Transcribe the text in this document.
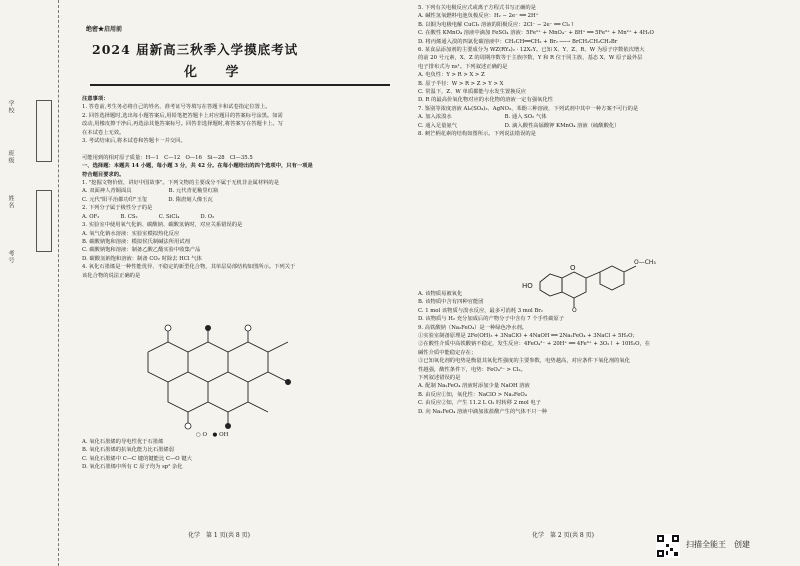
学校
班级
姓名
考号
绝密★启用前
2024 届新高三秋季入学摸底考试
化 学

注意事项：

1. 答卷前,考生务必将自己的姓名、准考证号等填写在答题卡和试卷指定位置上。

2. 回答选择题时,选出每小题答案后,用铅笔把答题卡上对应题目的答案标号涂黑。如需

改动,用橡皮擦干净后,再选涂其他答案标号。回答非选择题时,将答案写在答题卡上。写

在本试卷上无效。

3. 考试结束后,将本试卷和答题卡一并交回。

可能用到的相对原子质量：H—1　C—12　O—16　Si—28　Cl—35.5

一、选择题：本题共 14 小题，每小题 3 分，共 42 分。在每小题给出的四个选项中，只有一项是

符合题目要求的。

1. "挖掘文物价值，讲好中国故事"。下列文物的主要成分不属于无机非金属材料的是

A. 双面神人青铜面具　　　　　　　B. 元代青花釉里红瓶

C. 元代"阳平治都功印"玉玺　　　　D. 隋唐刻人像玉瓦

2. 下列分子属于极性分子的是

A. OF₂　　　　B. CS₂　　　　C. SiCl₄　　　　D. O₂

3. 实验室中使用氧气化钠、碳酸钠、碳酸氢钠时，对应关系错误的是

A. 氧气化钠水溶液：实验室模拟热化反应

B. 碳酸钠饱和溶液：模拟侯氏制碱法所用试剂

C. 碳酸钠饱和溶液：制备乙酸乙酯实验中收集产品

D. 碳酸氢钠饱和溶液：制备 CO₂ 时除去 HCl 气体

4. 氧化石墨烯是一种性能优异、不稳定的新型化合物，其单层局部结构如图所示。下列关于

该化合物的说法正确的是

○ O　● OH

A. 氧化石墨烯的导电性优于石墨烯

B. 氧化石墨烯的抗氧化能力比石墨烯弱

C. 氧化石墨烯中 C—C 键的键能比 C—O 键大

D. 氧化石墨烯中所有 C 原子均为 sp² 杂化

化学　第 1 页(共 8 页)

5. 下列有关电极反应式或离子方程式书写正确的是

A. 碱性氢氧燃料电池负极反应：H₂ − 2e⁻ ══ 2H⁺

B. 以铜为电极电解 CuCl₂ 溶液的阳极反应：2Cl⁻ − 2e⁻ ══ Cl₂↑

C. 在酸性 KMnO₄ 溶液中滴加 FeSO₄ 溶液：5Fe²⁺ + MnO₄⁻ + 8H⁺ ══ 5Fe³⁺ + Mn²⁺ + 4H₂O

D. 将丙烯通入溴的四氯化碳溶液中：CH₂CH══CH₂ + Br₂ ──→ BrCH₂CH₂CH₂Br

6. 某食品添加剂的主要成分为 WZ(RY₄)₂ · 12X₂Y。已知 X、Y、Z、R、W 为原子序数依次增大

的前 20 号元素，X、Z 的周期序数等于主族序数，Y 和 R 位于同主族，基态 X、W 原子最外层

电子排布式为 ns¹。下列叙述正确的是

A. 电负性：Y > R > X > Z

B. 原子半径：W > R > Z > Y > X

C. 常温下，Z、W 单质都能与水发生置换反应

D. R 的最高价氧化物对应的水化物的溶液一定有强氧化性

7. 鉴别等浓度溶液 Al₂(SO₄)₃、AgNO₃、苯酚三种溶液，下列试剂中其中一种方案不可行的是

A. 加入浓溴水　　　　　　　　　　B. 通入 SO₂ 气体

C. 通入足量氨气　　　　　　　　　D. 滴入酸性高锰酸钾 KMnO₄ 溶液（硫酸酸化）

8. 刺芒柄花素的结构如图所示。下列说法错误的是

HO
O
O
O—CH₃

A. 该物质易被氧化

B. 该物质中含有四种官能团

C. 1 mol 该物质与溴水反应，最多可消耗 3 mol Br₂

D. 该物质与 H₂ 充分加成后的产物分子中含有 7 个手性碳原子

9. 高铁酸钠（Na₂FeO₄）是一种绿色净水剂。

①实验室制备原理是 2Fe(OH)₃ + 3NaClO + 4NaOH ══ 2Na₂FeO₄ + 3NaCl + 5H₂O；

②在酸性介质中高铁酸钠不稳定，发生反应：4FeO₄²⁻ + 20H⁺ ══ 4Fe³⁺ + 3O₂↑ + 10H₂O，在

碱性介质中能稳定存在；

③已知氧化剂的电势是衡量其氧化性强度的主要参数，电势越高，对应条件下氧化剂的氧化

性越强，酸性条件下，电势：FeO₄²⁻ > Cl₂。

下列叙述错误的是

A. 配制 Na₂FeO₄ 溶液时添加少量 NaOH 溶液

B. 由反应①知，氧化性：NaClO > Na₂FeO₄

C. 由反应②知，产生 11.2 L O₂ 时转移 2 mol 电子

D. 向 Na₂FeO₄ 溶液中滴加浓盐酸产生的气体不只一种

化学　第 2 页(共 8 页)
扫描全能王　创建
